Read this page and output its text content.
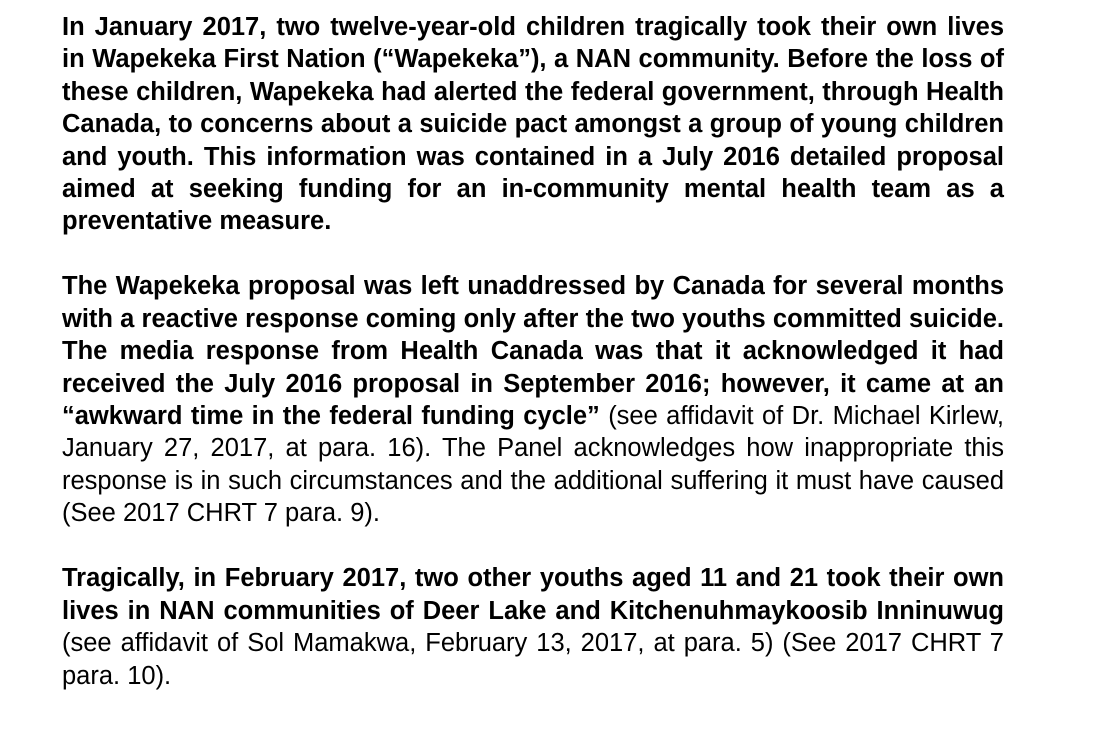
In January 2017, two twelve-year-old children tragically took their own lives in Wapekeka First Nation (“Wapekeka”), a NAN community. Before the loss of these children, Wapekeka had alerted the federal government, through Health Canada, to concerns about a suicide pact amongst a group of young children and youth. This information was contained in a July 2016 detailed proposal aimed at seeking funding for an in-community mental health team as a preventative measure.

The Wapekeka proposal was left unaddressed by Canada for several months with a reactive response coming only after the two youths committed suicide. The media response from Health Canada was that it acknowledged it had received the July 2016 proposal in September 2016; however, it came at an “awkward time in the federal funding cycle” (see affidavit of Dr. Michael Kirlew, January 27, 2017, at para. 16). The Panel acknowledges how inappropriate this response is in such circumstances and the additional suffering it must have caused (See 2017 CHRT 7 para. 9).

Tragically, in February 2017, two other youths aged 11 and 21 took their own lives in NAN communities of Deer Lake and Kitchenuhmaykoosib Inninuwug (see affidavit of Sol Mamakwa, February 13, 2017, at para. 5) (See 2017 CHRT 7 para. 10).
